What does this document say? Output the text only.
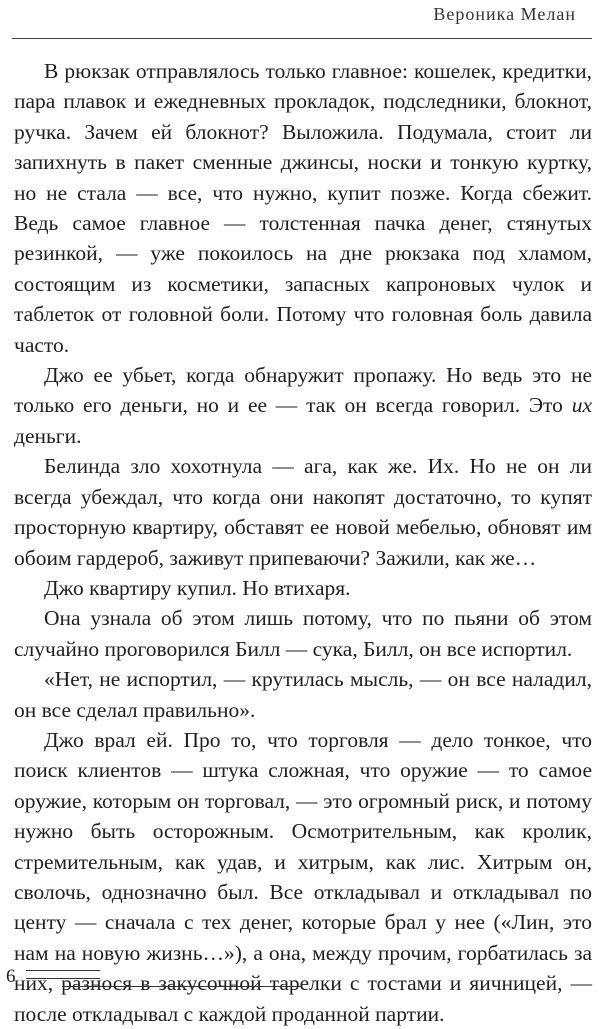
Вероника Мелан

В рюкзак отправлялось только главное: кошелек, кредитки, пара плавок и ежедневных прокладок, подследники, блокнот, ручка. Зачем ей блокнот? Выложила. Подумала, стоит ли запихнуть в пакет сменные джинсы, носки и тонкую куртку, но не стала — все, что нужно, купит позже. Когда сбежит. Ведь самое главное — толстенная пачка денег, стянутых резинкой, — уже покоилось на дне рюкзака под хламом, состоящим из косметики, запасных капроновых чулок и таблеток от головной боли. Потому что головная боль давила часто.

Джо ее убьет, когда обнаружит пропажу. Но ведь это не только его деньги, но и ее — так он всегда говорил. Это их деньги.

Белинда зло хохотнула — ага, как же. Их. Но не он ли всегда убеждал, что когда они накопят достаточно, то купят просторную квартиру, обставят ее новой мебелью, обновят им обоим гардероб, заживут припеваючи? Зажили, как же…

Джо квартиру купил. Но втихаря.

Она узнала об этом лишь потому, что по пьяни об этом случайно проговорился Билл — сука, Билл, он все испортил.

«Нет, не испортил, — крутилась мысль, — он все наладил, он все сделал правильно».

Джо врал ей. Про то, что торговля — дело тонкое, что поиск клиентов — штука сложная, что оружие — то самое оружие, которым он торговал, — это огромный риск, и потому нужно быть осторожным. Осмотрительным, как кролик, стремительным, как удав, и хитрым, как лис. Хитрым он, сволочь, однозначно был. Все откладывал и откладывал по центу — сначала с тех денег, которые брал у нее («Лин, это нам на новую жизнь…»), а она, между прочим, горбатилась за них, разнося в закусочной тарелки с тостами и яичницей, — после откладывал с каждой проданной партии.

6
